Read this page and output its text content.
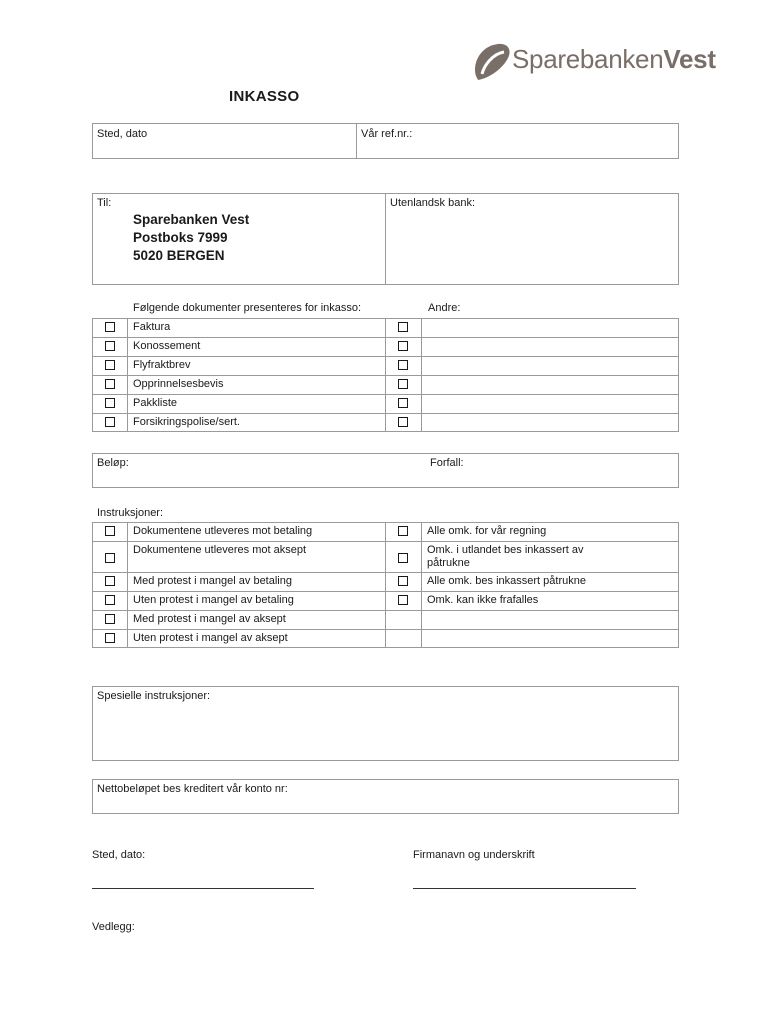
SparebankenVest
INKASSO
Sted, dato	Vår ref.nr.:
Til:	Utenlandsk bank:
Sparebanken Vest
Postboks 7999
5020 BERGEN
Følgende dokumenter presenteres for inkasso:	Andre:
Faktura
Konossement
Flyfraktbrev
Opprinnelsesbevis
Pakkliste
Forsikringspolise/sert.
Beløp:	Forfall:
Instruksjoner:
Dokumentene utleveres mot betaling	Alle omk. for vår regning
Dokumentene utleveres mot aksept	Omk. i utlandet bes inkassert av
påtrukne
Med protest i mangel av betaling	Alle omk. bes inkassert påtrukne
Uten protest i mangel av betaling	Omk. kan ikke frafalles
Med protest i mangel av aksept
Uten protest i mangel av aksept
Spesielle instruksjoner:
Nettobeløpet bes kreditert vår konto nr:
Sted, dato:	Firmanavn og underskrift
Vedlegg:
